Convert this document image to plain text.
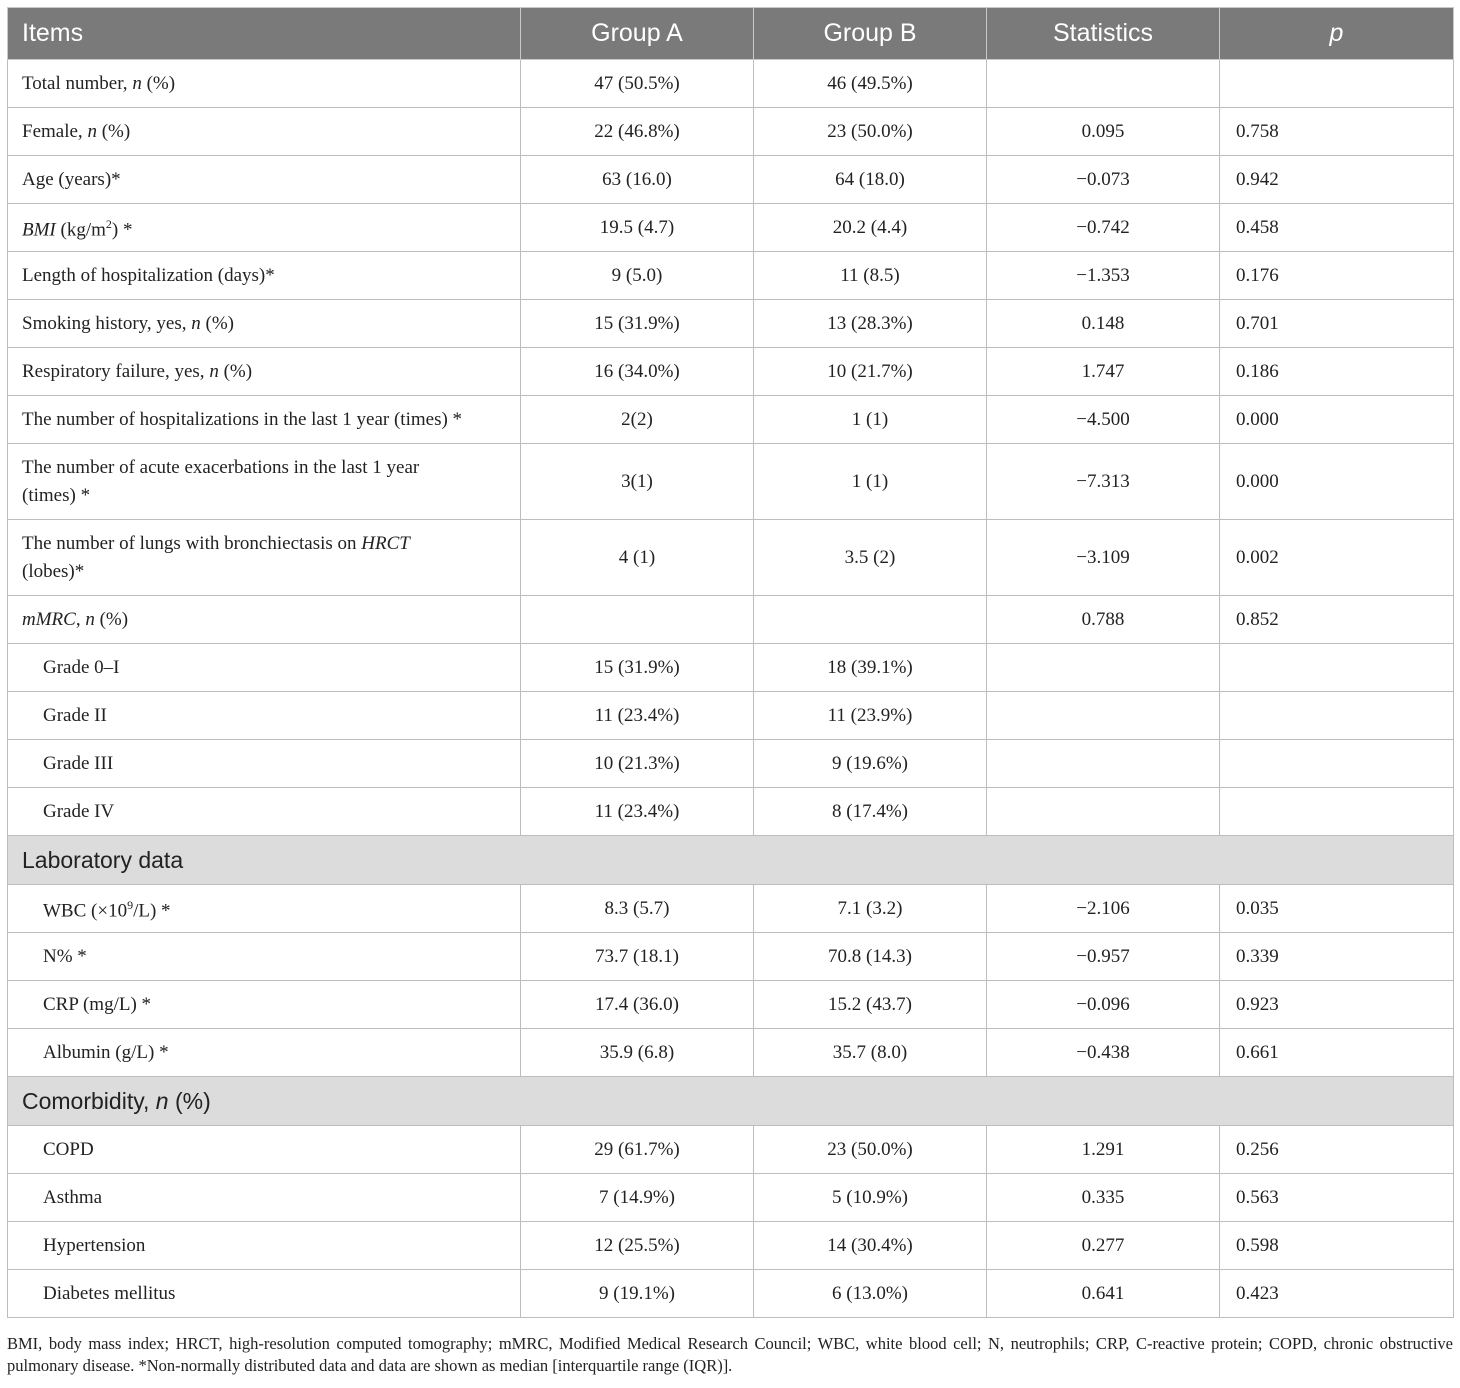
Items	Group A	Group B	Statistics	p
Total number, n (%)	47 (50.5%)	46 (49.5%)		
Female, n (%)	22 (46.8%)	23 (50.0%)	0.095	0.758
Age (years)*	63 (16.0)	64 (18.0)	−0.073	0.942
BMI $(kg/m^2)$ *	19.5 (4.7)	20.2 (4.4)	−0.742	0.458
Length of hospitalization (days)*	9 (5.0)	11 (8.5)	−1.353	0.176
Smoking history, yes, n (%)	15 (31.9%)	13 (28.3%)	0.148	0.701
Respiratory failure, yes, n (%)	16 (34.0%)	10 (21.7%)	1.747	0.186
The number of hospitalizations in the last 1 year (times) *	2(2)	1 (1)	−4.500	0.000
The number of acute exacerbations in the last 1 year (times) *	3(1)	1 (1)	−7.313	0.000
The number of lungs with bronchiectasis on HRCT (lobes)*	4 (1)	3.5 (2)	−3.109	0.002
mMRC, n (%)			0.788	0.852
Grade 0–I	15 (31.9%)	18 (39.1%)		
Grade II	11 (23.4%)	11 (23.9%)		
Grade III	10 (21.3%)	9 (19.6%)		
Grade IV	11 (23.4%)	8 (17.4%)		
Laboratory data				
WBC $(\times 10^9/L)$ *	8.3 (5.7)	7.1 (3.2)	−2.106	0.035
N% *	73.7 (18.1)	70.8 (14.3)	−0.957	0.339
CRP (mg/L) *	17.4 (36.0)	15.2 (43.7)	−0.096	0.923
Albumin (g/L) *	35.9 (6.8)	35.7 (8.0)	−0.438	0.661
Comorbidity, n (%)				
COPD	29 (61.7%)	23 (50.0%)	1.291	0.256
Asthma	7 (14.9%)	5 (10.9%)	0.335	0.563
Hypertension	12 (25.5%)	14 (30.4%)	0.277	0.598
Diabetes mellitus	9 (19.1%)	6 (13.0%)	0.641	0.423
BMI, body mass index; HRCT, high-resolution computed tomography; mMRC, Modified Medical Research Council; WBC, white blood cell; N, neutrophils; CRP, C-reactive protein; COPD, chronic obstructive pulmonary disease. *Non-normally distributed data and data are shown as median [interquartile range (IQR)].
